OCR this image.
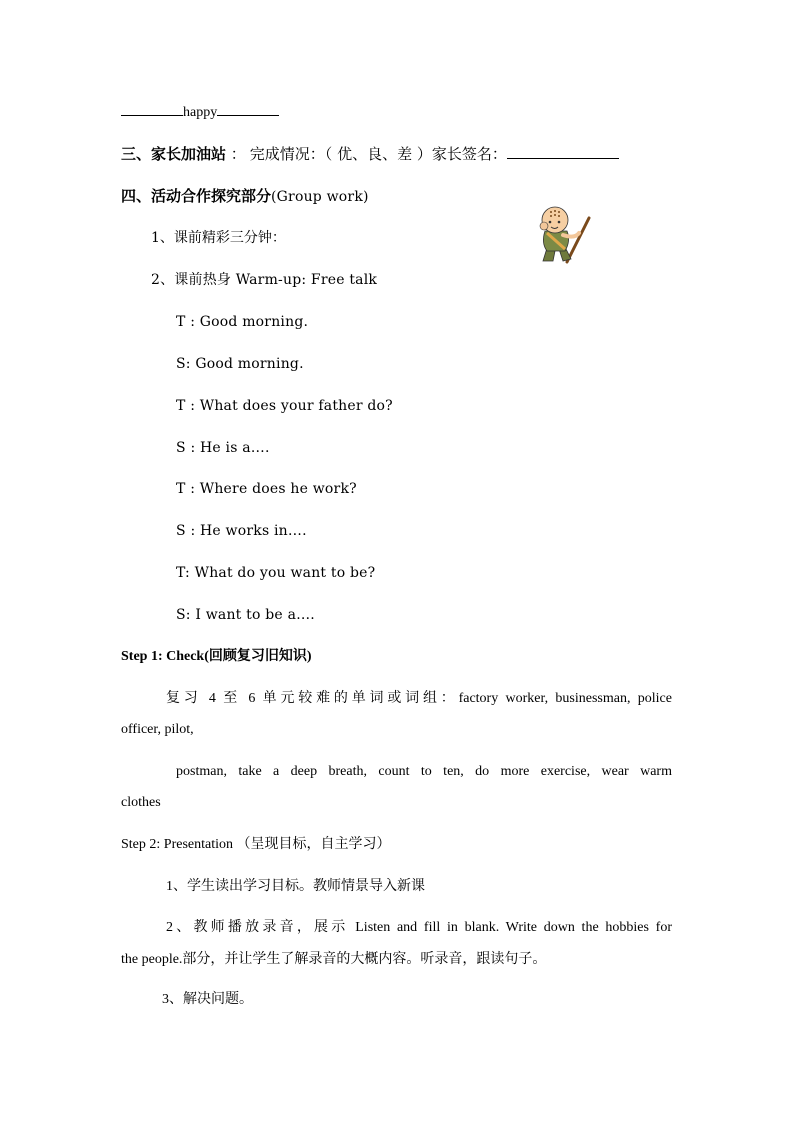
happy
三、家长加油站 ： 完成情况：（ 优、良、差 ）家长签名：
四、活动合作探究部分(Group work)
1、课前精彩三分钟：
2、课前热身 Warm-up: Free talk
T : Good morning.
S: Good morning.
T : What does your father do?
S : He is a….
T : Where does he work?
S : He works in….
T: What do you want to be?
S: I want to be a….
Step 1: Check(回顾复习旧知识)
复习 4 至 6 单元较难的单词或词组：factory worker, businessman, police
officer, pilot,
postman, take a deep breath, count to ten, do more exercise, wear warm
clothes
Step 2: Presentation （呈现目标，自主学习）
1、学生读出学习目标。教师情景导入新课
2、教师播放录音，展示 Listen and fill in blank. Write down the hobbies for
the people.部分，并让学生了解录音的大概内容。听录音，跟读句子。
3、解决问题。
